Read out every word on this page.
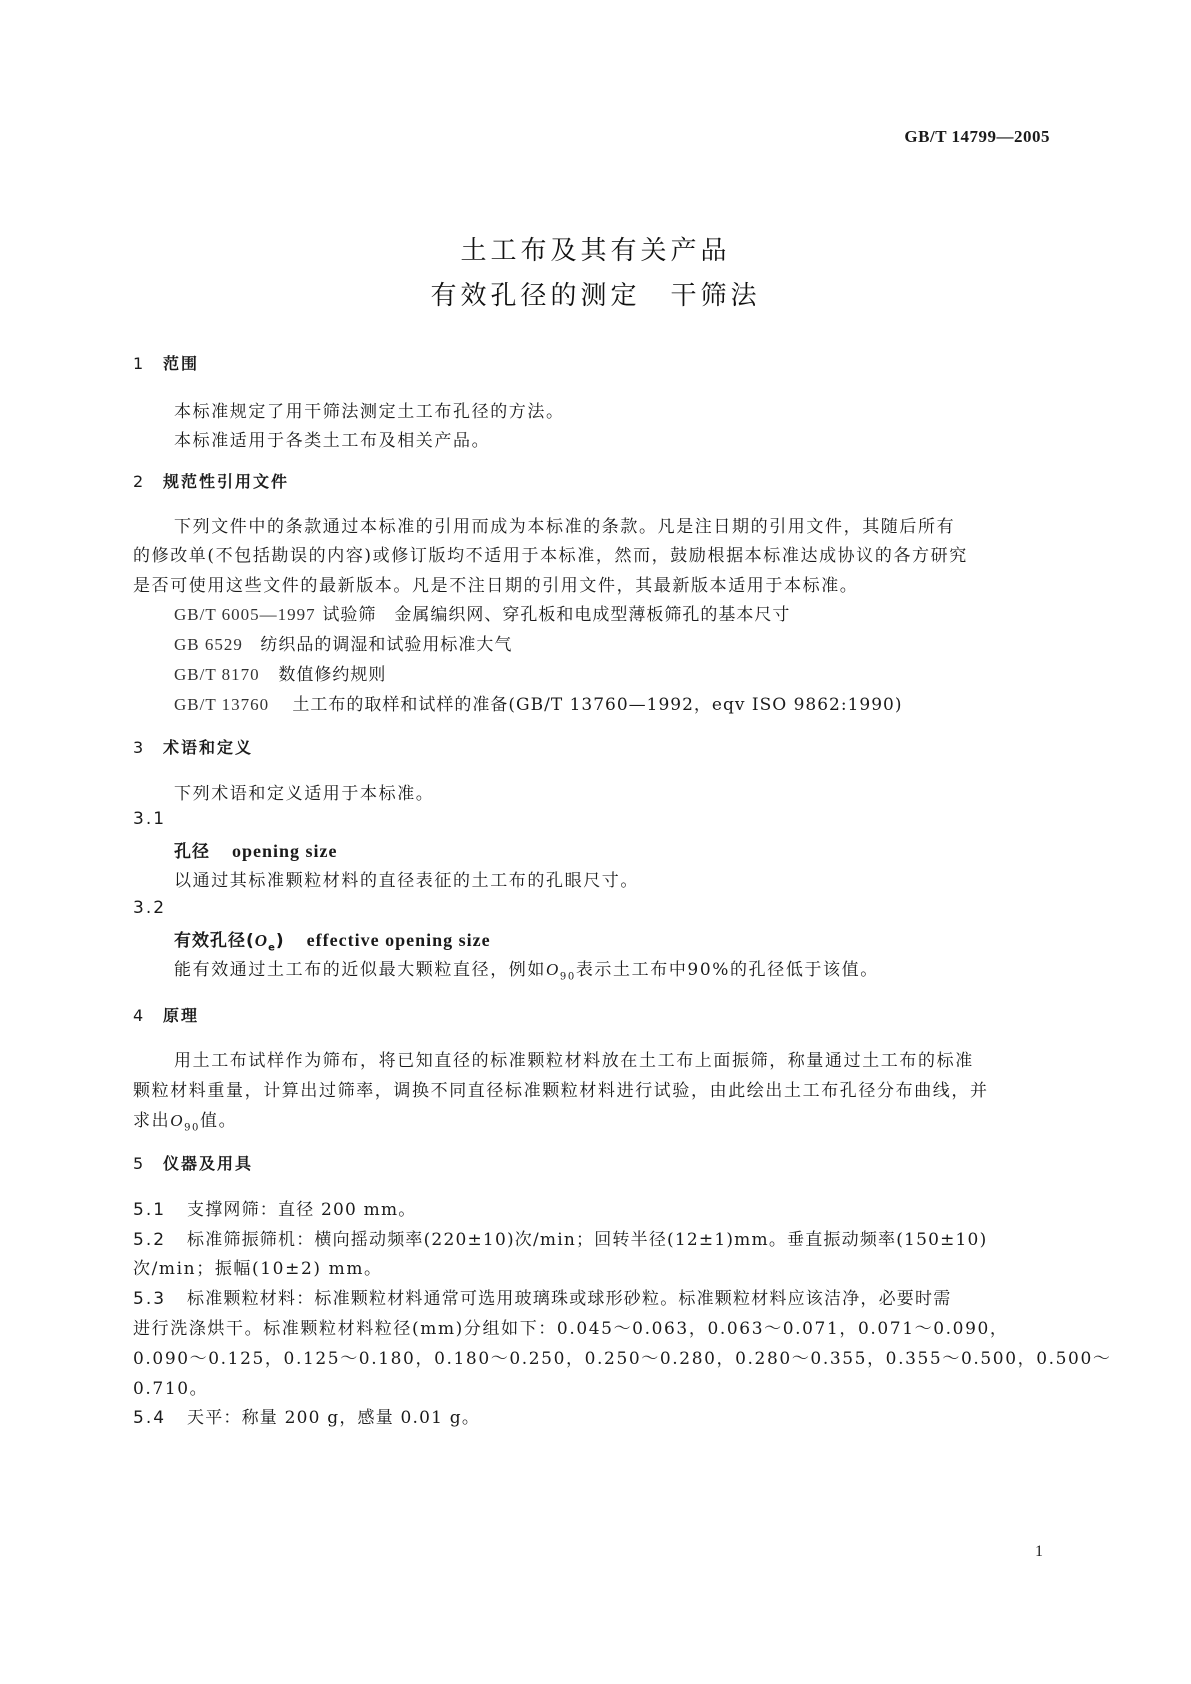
GB/T 14799—2005
土工布及其有关产品
有效孔径的测定　干筛法
1 范围
本标准规定了用干筛法测定土工布孔径的方法。
本标准适用于各类土工布及相关产品。
2 规范性引用文件
下列文件中的条款通过本标准的引用而成为本标准的条款。凡是注日期的引用文件，其随后所有
的修改单(不包括勘误的内容)或修订版均不适用于本标准，然而，鼓励根据本标准达成协议的各方研究
是否可使用这些文件的最新版本。凡是不注日期的引用文件，其最新版本适用于本标准。
GB/T 6005—1997 试验筛　金属编织网、穿孔板和电成型薄板筛孔的基本尺寸
GB 6529 纺织品的调湿和试验用标准大气
GB/T 8170 数值修约规则
GB/T 13760 土工布的取样和试样的准备(GB/T 13760—1992，eqv ISO 9862:1990)
3 术语和定义
下列术语和定义适用于本标准。
3.1
孔径 opening size
以通过其标准颗粒材料的直径表征的土工布的孔眼尺寸。
3.2
有效孔径$(O_e)$ effective opening size
能有效通过土工布的近似最大颗粒直径，例如$O_{90}$表示土工布中90%的孔径低于该值。
4 原理
用土工布试样作为筛布，将已知直径的标准颗粒材料放在土工布上面振筛，称量通过土工布的标准
颗粒材料重量，计算出过筛率，调换不同直径标准颗粒材料进行试验，由此绘出土工布孔径分布曲线，并
求出$O_{90}$值。
5 仪器及用具
5.1 支撑网筛：直径 200 mm。
5.2 标准筛振筛机：横向摇动频率(220±10)次/min；回转半径(12±1)mm。垂直振动频率(150±10)
次/min；振幅(10±2) mm。
5.3 标准颗粒材料：标准颗粒材料通常可选用玻璃珠或球形砂粒。标准颗粒材料应该洁净，必要时需
进行洗涤烘干。标准颗粒材料粒径(mm)分组如下：0.045～0.063，0.063～0.071，0.071～0.090，
0.090～0.125，0.125～0.180，0.180～0.250，0.250～0.280，0.280～0.355，0.355～0.500，0.500～
0.710。
5.4 天平：称量 200 g，感量 0.01 g。
1
